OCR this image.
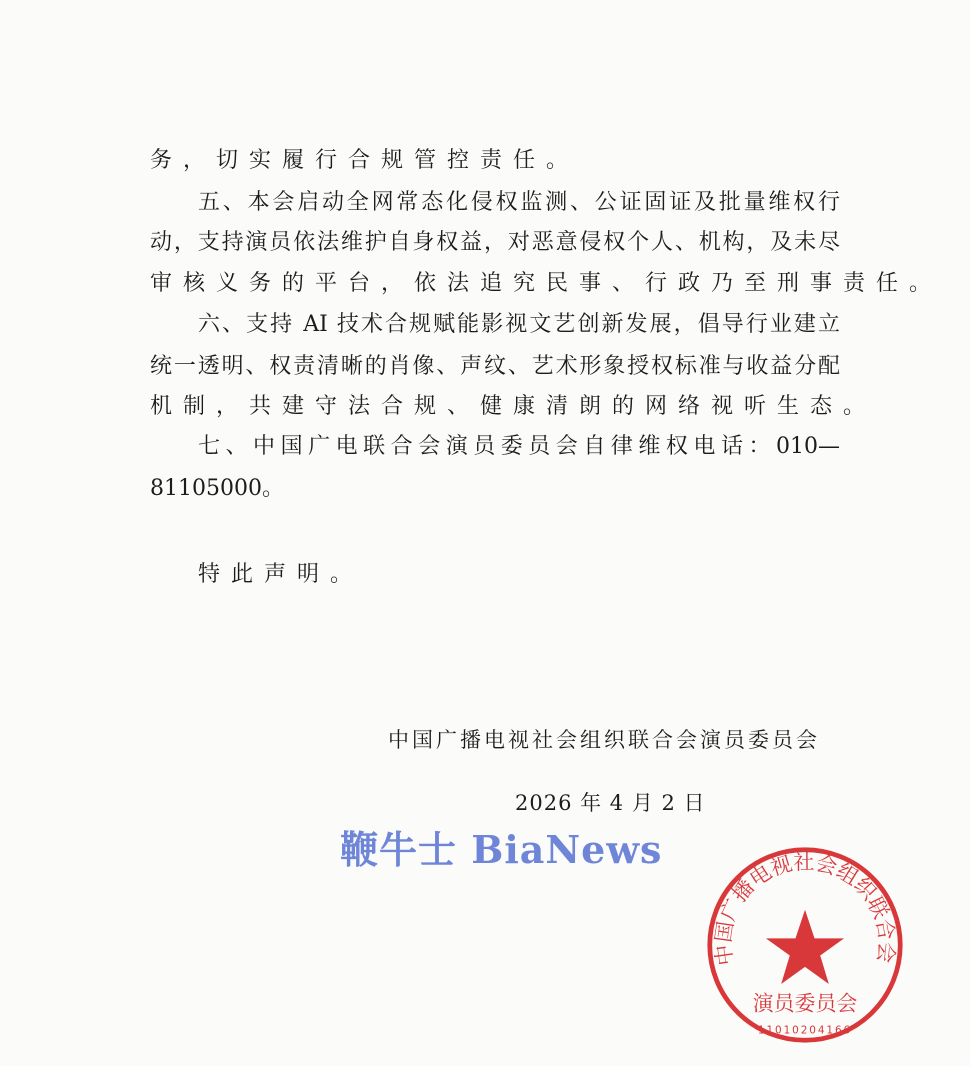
务，切实履行合规管控责任。
五、本会启动全网常态化侵权监测、公证固证及批量维权行
动，支持演员依法维护自身权益，对恶意侵权个人、机构，及未尽
审核义务的平台，依法追究民事、行政乃至刑事责任。
六、支持 AI 技术合规赋能影视文艺创新发展，倡导行业建立
统一透明、权责清晰的肖像、声纹、艺术形象授权标准与收益分配
机制，共建守法合规、健康清朗的网络视听生态。
七、中国广电联合会演员委员会自律维权电话：010—
81105000。
特此声明。
中国广播电视社会组织联合会演员委员会
2026 年 4 月 2 日
鞭牛士 BiaNews
中国广播电视社会组织联合会
演员委员会
11010204166
